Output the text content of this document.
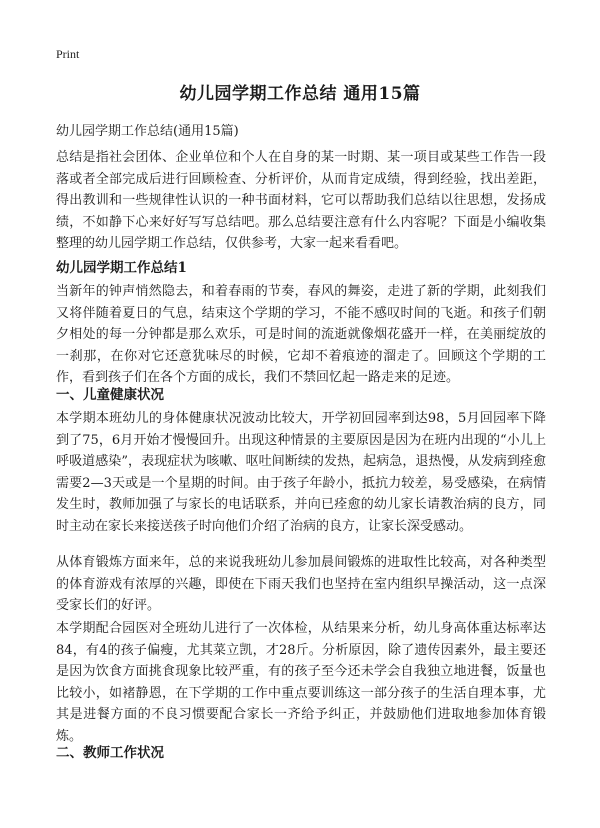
Print
幼儿园学期工作总结 通用15篇
幼儿园学期工作总结(通用15篇)

总结是指社会团体、企业单位和个人在自身的某一时期、某一项目或某些工作告一段落或者全部完成后进行回顾检查、分析评价，从而肯定成绩，得到经验，找出差距，得出教训和一些规律性认识的一种书面材料，它可以帮助我们总结以往思想，发扬成绩，不如静下心来好好写写总结吧。那么总结要注意有什么内容呢？下面是小编收集整理的幼儿园学期工作总结，仅供参考，大家一起来看看吧。

幼儿园学期工作总结1

当新年的钟声悄然隐去，和着春雨的节奏，春风的舞姿，走进了新的学期，此刻我们又将伴随着夏日的气息，结束这个学期的学习，不能不感叹时间的飞逝。和孩子们朝夕相处的每一分钟都是那么欢乐，可是时间的流逝就像烟花盛开一样，在美丽绽放的一刹那，在你对它还意犹味尽的时候，它却不着痕迹的溜走了。回顾这个学期的工作，看到孩子们在各个方面的成长，我们不禁回忆起一路走来的足迹。

一、儿童健康状况

本学期本班幼儿的身体健康状况波动比较大，开学初回园率到达98，5月回园率下降到了75，6月开始才慢慢回升。出现这种情景的主要原因是因为在班内出现的“小儿上呼吸道感染”，表现症状为咳嗽、呕吐间断续的发热，起病急，退热慢，从发病到痊愈需要2—3天或是一个星期的时间。由于孩子年龄小，抵抗力较差，易受感染，在病情发生时，教师加强了与家长的电话联系，并向已痊愈的幼儿家长请教治病的良方，同时主动在家长来接送孩子时向他们介绍了治病的良方，让家长深受感动。

从体育锻炼方面来年，总的来说我班幼儿参加晨间锻炼的进取性比较高，对各种类型的体育游戏有浓厚的兴趣，即使在下雨天我们也坚持在室内组织早操活动，这一点深受家长们的好评。

本学期配合园医对全班幼儿进行了一次体检，从结果来分析，幼儿身高体重达标率达84，有4的孩子偏瘦，尤其菜立凯，才28斤。分析原因，除了遗传因素外，最主要还是因为饮食方面挑食现象比较严重，有的孩子至今还未学会自我独立地进餐，饭量也比较小，如褚静恩，在下学期的工作中重点要训练这一部分孩子的生活自理本事，尤其是进餐方面的不良习惯要配合家长一齐给予纠正，并鼓励他们进取地参加体育锻炼。

二、教师工作状况
